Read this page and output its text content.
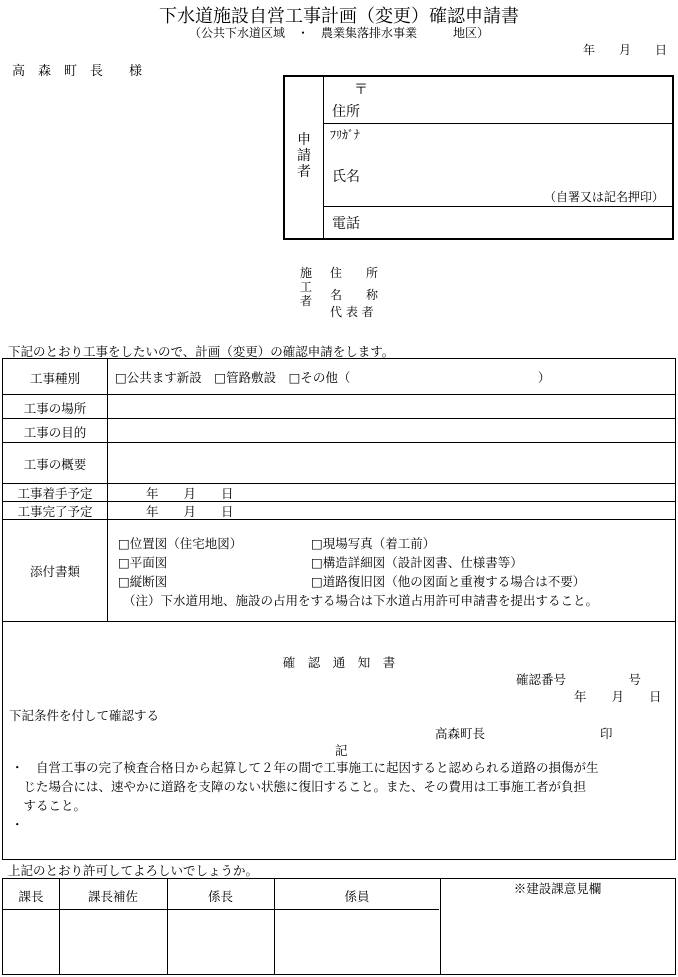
下水道施設自営工事計画（変更）確認申請書
（公共下水道区域　・　農業集落排水事業　　　地区）
年　　月　　日
高　森　町　長　　様
申
請
者
〒
住所
ﾌﾘｶﾞﾅ
氏名
（自署又は記名押印）
電話
施
工
者
住　　所
名　　称
代 表 者
下記のとおり工事をしたいので、計画（変更）の確認申請をします。
工事種別	□公共ます新設　□管路敷設　□その他（　　　　　　　　　　　　　　　）
工事の場所
工事の目的
工事の概要
工事着手予定	年　　月　　日
工事完了予定	年　　月　　日
添付書類
□位置図（住宅地図）	□現場写真（着工前）
□平面図	□構造詳細図（設計図書、仕様書等）
□縦断図	□道路復旧図（他の図面と重複する場合は不要）
（注）下水道用地、施設の占用をする場合は下水道占用許可申請書を提出すること。
確　認　通　知　書
確認番号　　　　　号
年　　月　　日
下記条件を付して確認する
高森町長	印
記
・　自営工事の完了検査合格日から起算して２年の間で工事施工に起因すると認められる道路の損傷が生
　じた場合には、速やかに道路を支障のない状態に復旧すること。また、その費用は工事施工者が負担
　すること。
・
上記のとおり許可してよろしいでしょうか。
課長	課長補佐	係長	係員
※建設課意見欄
